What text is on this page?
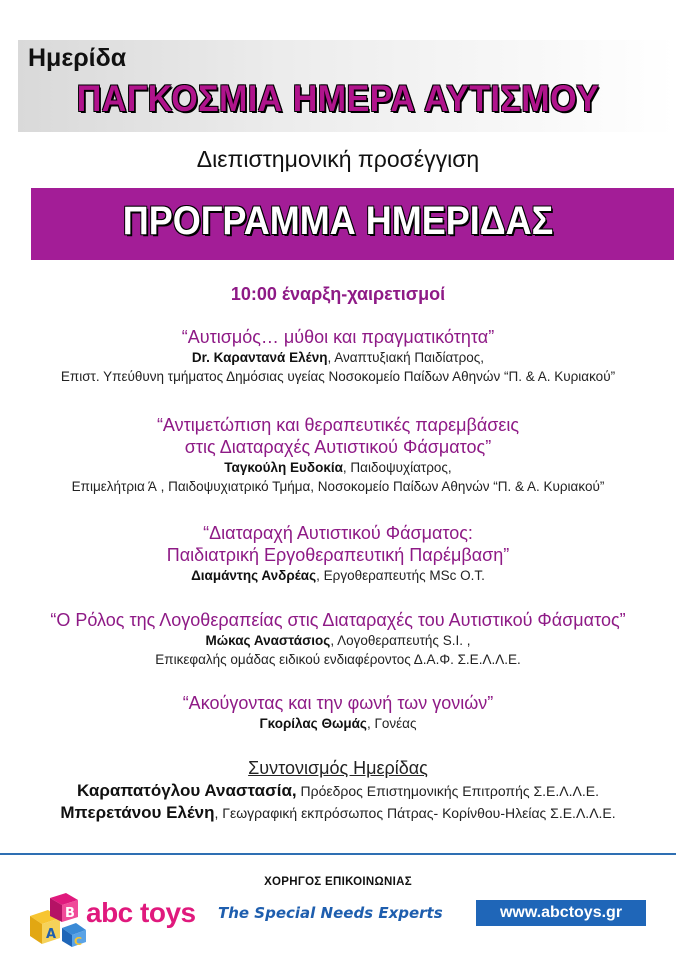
Ημερίδα
ΠΑΓΚΟΣΜΙΑ ΗΜΕΡΑ ΑΥΤΙΣΜΟΥ
Διεπιστημονική προσέγγιση
ΠΡΟΓΡΑΜΜΑ ΗΜΕΡΙΔΑΣ
10:00 έναρξη-χαιρετισμοί
“Αυτισμός… μύθοι και πραγματικότητα”
Dr. Καραντανά Ελένη, Αναπτυξιακή Παιδίατρος,
Επιστ. Υπεύθυνη τμήματος Δημόσιας υγείας Νοσοκομείο Παίδων Αθηνών “Π. & Α. Κυριακού”
“Αντιμετώπιση και θεραπευτικές παρεμβάσεις
στις Διαταραχές Αυτιστικού Φάσματος”
Ταγκούλη Ευδοκία, Παιδοψυχίατρος,
Επιμελήτρια Ά , Παιδοψυχιατρικό Τμήμα, Νοσοκομείο Παίδων Αθηνών “Π. & Α. Κυριακού”
“Διαταραχή Αυτιστικού Φάσματος:
Παιδιατρική Εργοθεραπευτική Παρέμβαση”
Διαμάντης Ανδρέας, Εργοθεραπευτής MSc O.T.
“Ο Ρόλος της Λογοθεραπείας στις Διαταραχές του Αυτιστικού Φάσματος”
Μώκας Αναστάσιος, Λογοθεραπευτής S.I. ,
Επικεφαλής ομάδας ειδικού ενδιαφέροντος Δ.Α.Φ. Σ.Ε.Λ.Λ.Ε.
“Ακούγοντας και την φωνή των γονιών”
Γκορίλας Θωμάς, Γονέας
Συντονισμός Ημερίδας
Καραπατόγλου Αναστασία, Πρόεδρος Επιστημονικής Επιτροπής Σ.Ε.Λ.Λ.Ε.
Μπερετάνου Ελένη, Γεωγραφική εκπρόσωπος Πάτρας- Κορίνθου-Ηλείας Σ.Ε.Λ.Λ.Ε.
ΧΟΡΗΓΟΣ ΕΠΙΚΟΙΝΩΝΙΑΣ
A
B
C
abc toys The Special Needs Experts	www.abctoys.gr
